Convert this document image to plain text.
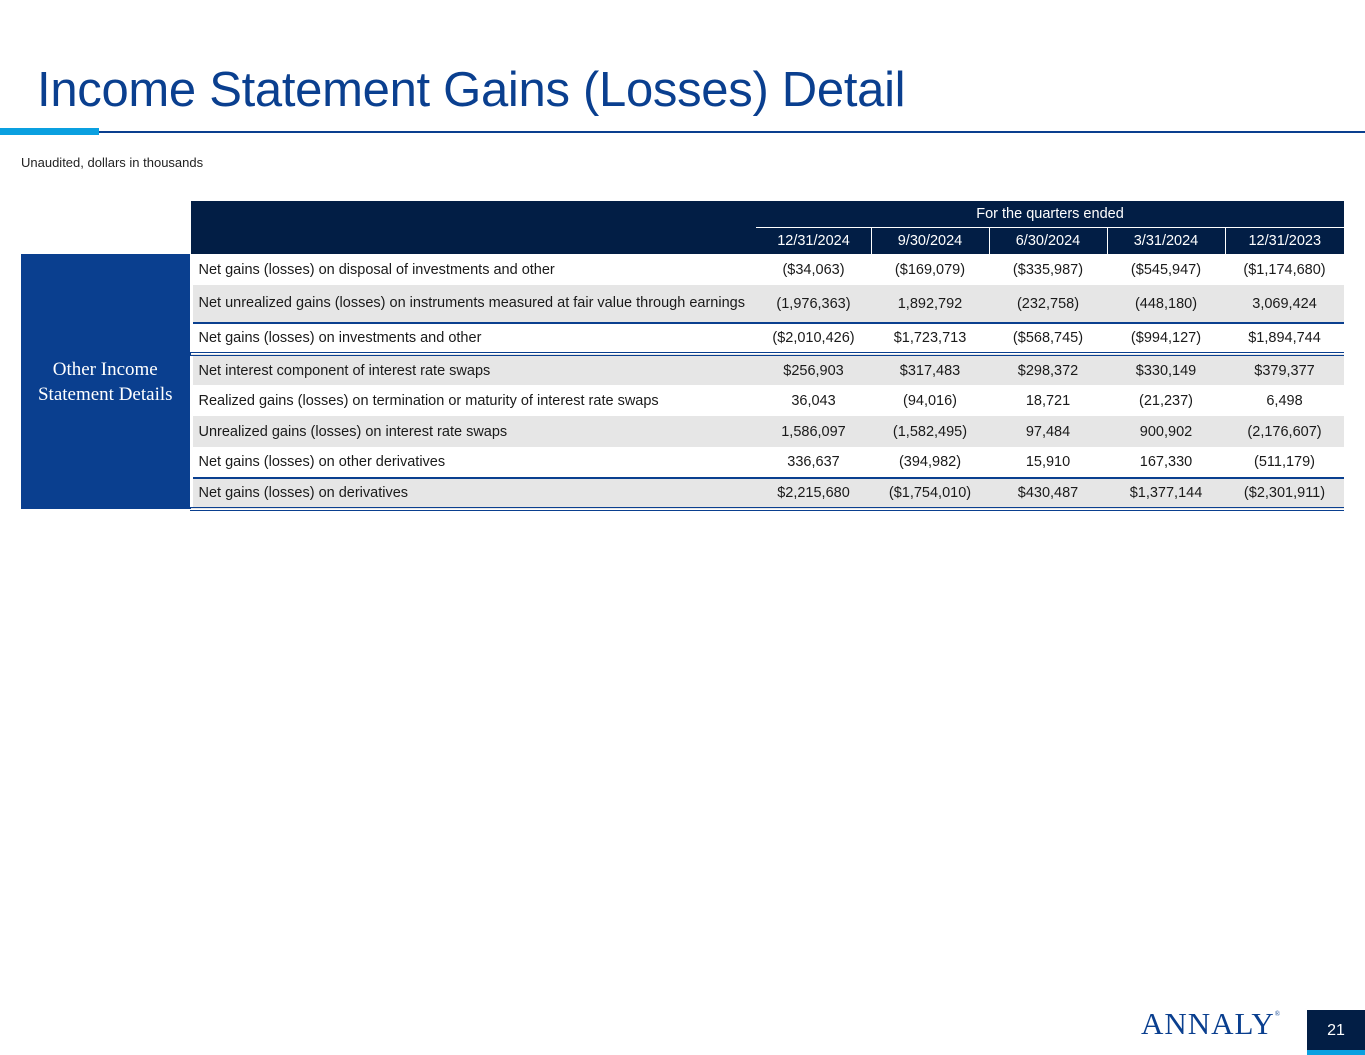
Income Statement Gains (Losses) Detail
Unaudited, dollars in thousands
		For the quarters ended				
		12/31/2024	9/30/2024	6/30/2024	3/31/2024	12/31/2023
Other Income
Statement Details	Net gains (losses) on disposal of investments and other	($34,063)	($169,079)	($335,987)	($545,947)	($1,174,680)
	Net unrealized gains (losses) on instruments measured at fair value through earnings	(1,976,363)	1,892,792	(232,758)	(448,180)	3,069,424
	Net gains (losses) on investments and other	($2,010,426)	$1,723,713	($568,745)	($994,127)	$1,894,744
	Net interest component of interest rate swaps	$256,903	$317,483	$298,372	$330,149	$379,377
	Realized gains (losses) on termination or maturity of interest rate swaps	36,043	(94,016)	18,721	(21,237)	6,498
	Unrealized gains (losses) on interest rate swaps	1,586,097	(1,582,495)	97,484	900,902	(2,176,607)
	Net gains (losses) on other derivatives	336,637	(394,982)	15,910	167,330	(511,179)
	Net gains (losses) on derivatives	$2,215,680	($1,754,010)	$430,487	$1,377,144	($2,301,911)
ANNALY®
21
